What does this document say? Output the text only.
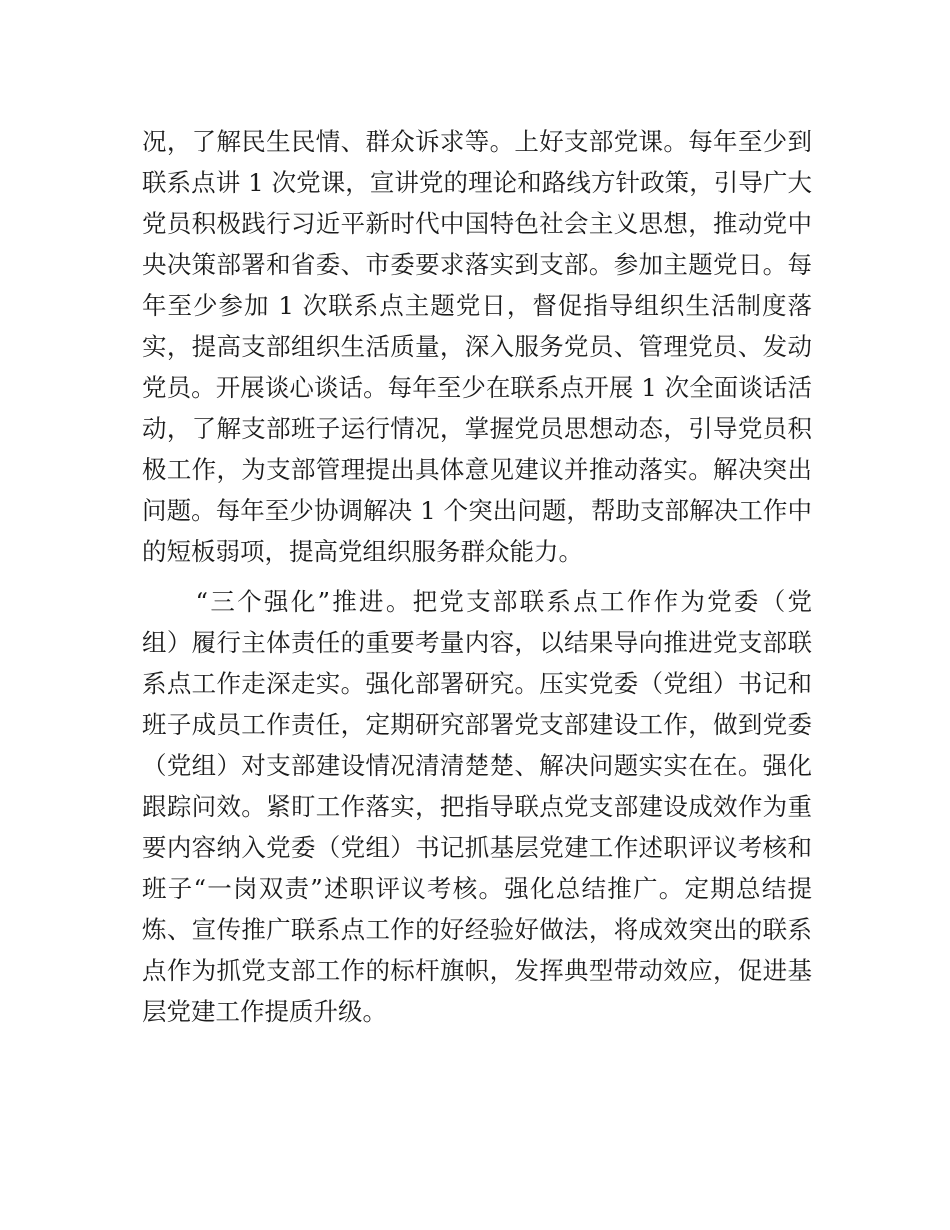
况，了解民生民情、群众诉求等。上好支部党课。每年至少到
联系点讲 1 次党课，宣讲党的理论和路线方针政策，引导广大
党员积极践行习近平新时代中国特色社会主义思想，推动党中
央决策部署和省委、市委要求落实到支部。参加主题党日。每
年至少参加 1 次联系点主题党日，督促指导组织生活制度落
实，提高支部组织生活质量，深入服务党员、管理党员、发动
党员。开展谈心谈话。每年至少在联系点开展 1 次全面谈话活
动，了解支部班子运行情况，掌握党员思想动态，引导党员积
极工作，为支部管理提出具体意见建议并推动落实。解决突出
问题。每年至少协调解决 1 个突出问题，帮助支部解决工作中
的短板弱项，提高党组织服务群众能力。
　　“三个强化”推进。把党支部联系点工作作为党委（党
组）履行主体责任的重要考量内容，以结果导向推进党支部联
系点工作走深走实。强化部署研究。压实党委（党组）书记和
班子成员工作责任，定期研究部署党支部建设工作，做到党委
（党组）对支部建设情况清清楚楚、解决问题实实在在。强化
跟踪问效。紧盯工作落实，把指导联点党支部建设成效作为重
要内容纳入党委（党组）书记抓基层党建工作述职评议考核和
班子“一岗双责”述职评议考核。强化总结推广。定期总结提
炼、宣传推广联系点工作的好经验好做法，将成效突出的联系
点作为抓党支部工作的标杆旗帜，发挥典型带动效应，促进基
层党建工作提质升级。
